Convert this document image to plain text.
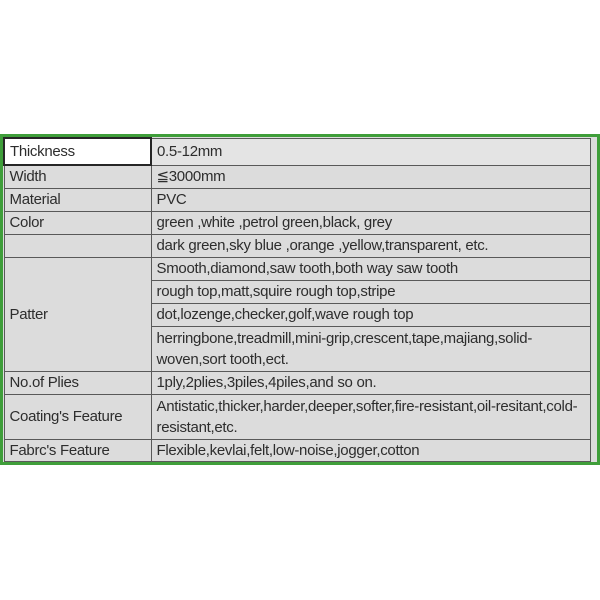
Thickness	0.5-12mm
Width	≦3000mm
Material	PVC
Color	green ,white ,petrol green,black, grey
	dark green,sky blue ,orange ,yellow,transparent, etc.
Patter	Smooth,diamond,saw tooth,both way saw tooth
	rough top,matt,squire rough top,stripe
	dot,lozenge,checker,golf,wave rough top
	herringbone,treadmill,mini-grip,crescent,tape,majiang,solid-woven,sort tooth,ect.
No.of Plies	1ply,2plies,3piles,4piles,and so on.
Coating's Feature	Antistatic,thicker,harder,deeper,softer,fire-resistant,oil-resitant,cold-resistant,etc.
Fabrc's Feature	Flexible,kevlai,felt,low-noise,jogger,cotton
